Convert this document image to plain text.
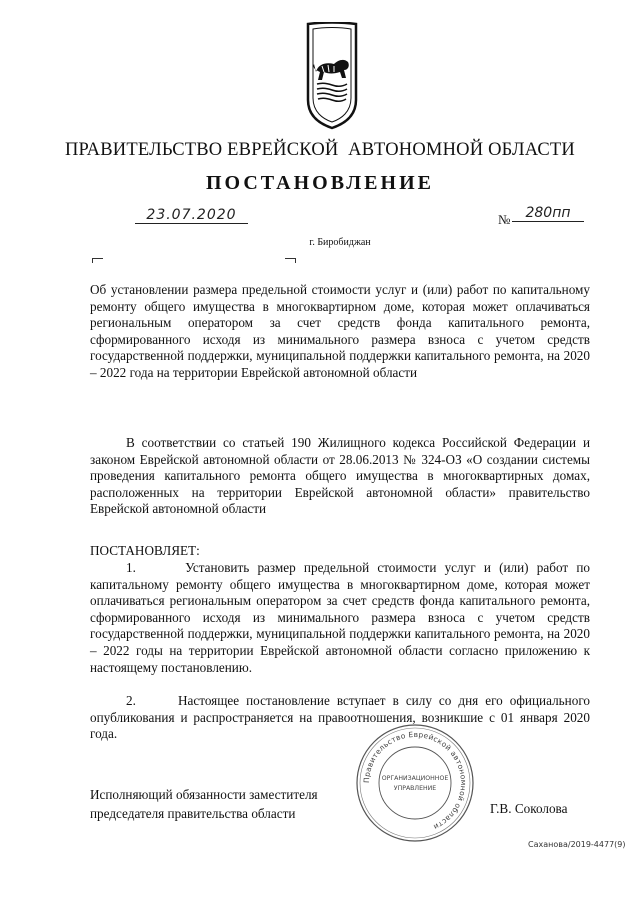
ПРАВИТЕЛЬСТВО ЕВРЕЙСКОЙ  АВТОНОМНОЙ ОБЛАСТИ
ПОСТАНОВЛЕНИЕ
23.07.2020	№	280пп
г. Биробиджан
Об установлении размера предельной стоимости услуг и (или) работ по капитальному ремонту общего имущества в многоквартирном доме, которая может оплачиваться региональным оператором за счет средств фонда капитального ремонта, сформированного исходя из минимального размера взноса с учетом средств государственной поддержки, муниципальной поддержки капитального ремонта, на 2020 – 2022 года на территории Еврейской автономной области
В соответствии со статьей 190 Жилищного кодекса Российской Федерации и законом Еврейской автономной области от 28.06.2013 № 324-ОЗ «О создании системы проведения капитального ремонта общего имущества в многоквартирных домах, расположенных на территории Еврейской автономной области» правительство Еврейской автономной области
ПОСТАНОВЛЯЕТ:
1.      Установить размер предельной стоимости услуг и (или) работ по капитальному ремонту общего имущества в многоквартирном доме, которая может оплачиваться региональным оператором за счет средств фонда капитального ремонта, сформированного исходя из минимального размера взноса с учетом средств государственной поддержки, муниципальной поддержки капитального ремонта, на 2020 – 2022 годы на территории Еврейской автономной области согласно приложению к настоящему постановлению.
2.      Настоящее постановление вступает в силу со дня его официального опубликования и распространяется на правоотношения, возникшие с 01 января 2020 года.
Исполняющий обязанности заместителя председателя правительства области	Г.В. Соколова
Правительство Еврейской автономной области
ОРГАНИЗАЦИОННОЕ
УПРАВЛЕНИЕ
Саханова/2019-4477(9)
